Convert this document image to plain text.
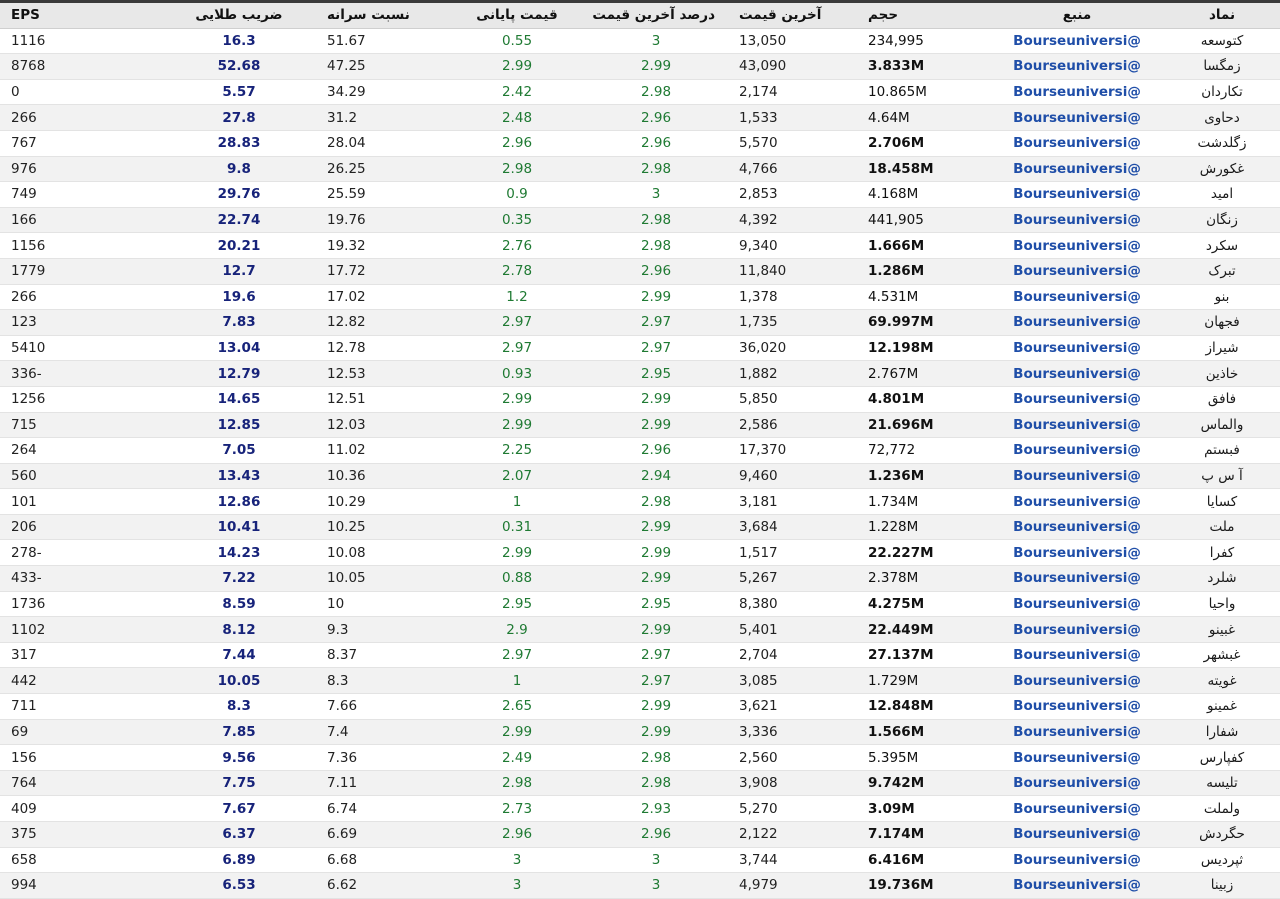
نماد	منبع	حجم	آخرین قیمت	درصد آخرین قیمت	قیمت پایانی	نسبت سرانه	ضریب طلایی	EPS	
کتوسعه	@Bourseuniversi	234,995	13,050	3	0.55	51.67	16.3	1116	
زمگسا	@Bourseuniversi	3.833M	43,090	2.99	2.99	47.25	52.68	8768	
تکاردان	@Bourseuniversi	10.865M	2,174	2.98	2.42	34.29	5.57	0	
دحاوی	@Bourseuniversi	4.64M	1,533	2.96	2.48	31.2	27.8	266	
زگلدشت	@Bourseuniversi	2.706M	5,570	2.96	2.96	28.04	28.83	767	
غکورش	@Bourseuniversi	18.458M	4,766	2.98	2.98	26.25	9.8	976	
امید	@Bourseuniversi	4.168M	2,853	3	0.9	25.59	29.76	749	
زنگان	@Bourseuniversi	441,905	4,392	2.98	0.35	19.76	22.74	166	
سکرد	@Bourseuniversi	1.666M	9,340	2.98	2.76	19.32	20.21	1156	
تبرک	@Bourseuniversi	1.286M	11,840	2.96	2.78	17.72	12.7	1779	
بنو	@Bourseuniversi	4.531M	1,378	2.99	1.2	17.02	19.6	266	
فجهان	@Bourseuniversi	69.997M	1,735	2.97	2.97	12.82	7.83	123	
شیراز	@Bourseuniversi	12.198M	36,020	2.97	2.97	12.78	13.04	5410	
خاذین	@Bourseuniversi	2.767M	1,882	2.95	0.93	12.53	12.79	-336	
فافق	@Bourseuniversi	4.801M	5,850	2.99	2.99	12.51	14.65	1256	
والماس	@Bourseuniversi	21.696M	2,586	2.99	2.99	12.03	12.85	715	
فبستم	@Bourseuniversi	72,772	17,370	2.96	2.25	11.02	7.05	264	
آ س پ	@Bourseuniversi	1.236M	9,460	2.94	2.07	10.36	13.43	560	
کسایا	@Bourseuniversi	1.734M	3,181	2.98	1	10.29	12.86	101	
ملت	@Bourseuniversi	1.228M	3,684	2.99	0.31	10.25	10.41	206	
کفرا	@Bourseuniversi	22.227M	1,517	2.99	2.99	10.08	14.23	-278	
شلرد	@Bourseuniversi	2.378M	5,267	2.99	0.88	10.05	7.22	-433	
واحیا	@Bourseuniversi	4.275M	8,380	2.95	2.95	10	8.59	1736	
غبینو	@Bourseuniversi	22.449M	5,401	2.99	2.9	9.3	8.12	1102	
غبشهر	@Bourseuniversi	27.137M	2,704	2.97	2.97	8.37	7.44	317	
غویته	@Bourseuniversi	1.729M	3,085	2.97	1	8.3	10.05	442	
غمینو	@Bourseuniversi	12.848M	3,621	2.99	2.65	7.66	8.3	711	
شفارا	@Bourseuniversi	1.566M	3,336	2.99	2.99	7.4	7.85	69	
کفپارس	@Bourseuniversi	5.395M	2,560	2.98	2.49	7.36	9.56	156	
تلیسه	@Bourseuniversi	9.742M	3,908	2.98	2.98	7.11	7.75	764	
ولملت	@Bourseuniversi	3.09M	5,270	2.93	2.73	6.74	7.67	409	
حگردش	@Bourseuniversi	7.174M	2,122	2.96	2.96	6.69	6.37	375	
ثپردیس	@Bourseuniversi	6.416M	3,744	3	3	6.68	6.89	658	
زبینا	@Bourseuniversi	19.736M	4,979	3	3	6.62	6.53	994	
